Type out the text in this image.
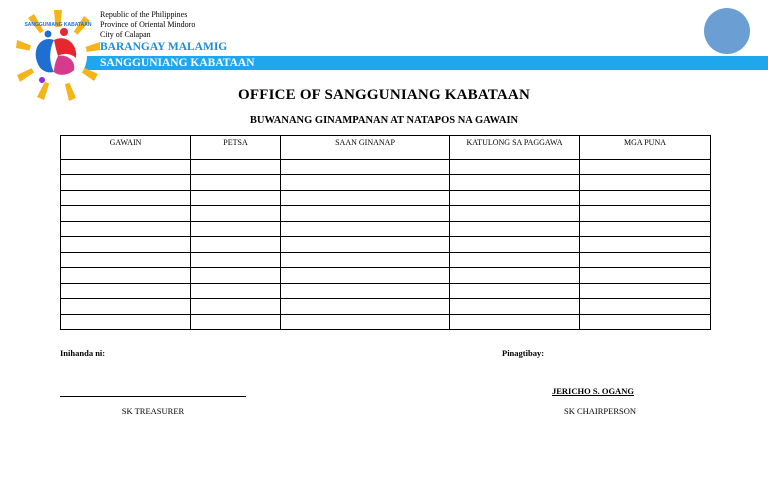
SANGGUNIANG KABATAAN
Republic of the Philippines
Province of Oriental Mindoro
City of Calapan
BARANGAY MALAMIG
SANGGUNIANG KABATAAN
OFFICE OF SANGGUNIANG KABATAAN
BUWANANG GINAMPANAN AT NATAPOS NA GAWAIN
GAWAIN	PETSA	SAAN GINANAP	KATULONG SA PAGGAWA	MGA PUNA

Inihanda ni:	Pinagtibay:
JERICHO S. OGANG
SK TREASURER	SK CHAIRPERSON
